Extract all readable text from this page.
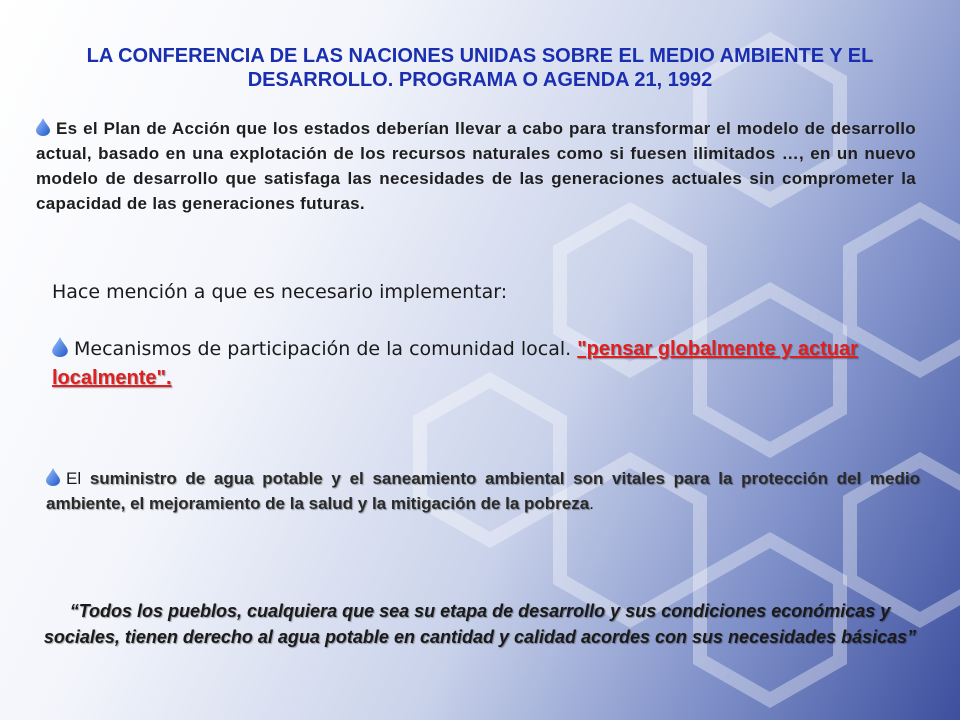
LA CONFERENCIA DE LAS NACIONES UNIDAS SOBRE EL MEDIO AMBIENTE Y EL
DESARROLLO. PROGRAMA O AGENDA 21, 1992

Es el Plan de Acción que los estados deberían llevar a cabo para transformar el modelo de desarrollo actual, basado en una explotación de los recursos naturales como si fuesen ilimitados …, en un nuevo modelo de desarrollo que satisfaga las necesidades de las generaciones actuales sin comprometer la capacidad de las generaciones futuras.

Hace mención a que es necesario implementar:

Mecanismos de participación de la comunidad local. "pensar globalmente y actuar localmente".

El suministro de agua potable y el saneamiento ambiental son vitales para la protección del medio ambiente, el mejoramiento de la salud y la mitigación de la pobreza.

“Todos los pueblos, cualquiera que sea su etapa de desarrollo y sus condiciones económicas y sociales, tienen derecho al agua potable en cantidad y calidad acordes con sus necesidades básicas”
